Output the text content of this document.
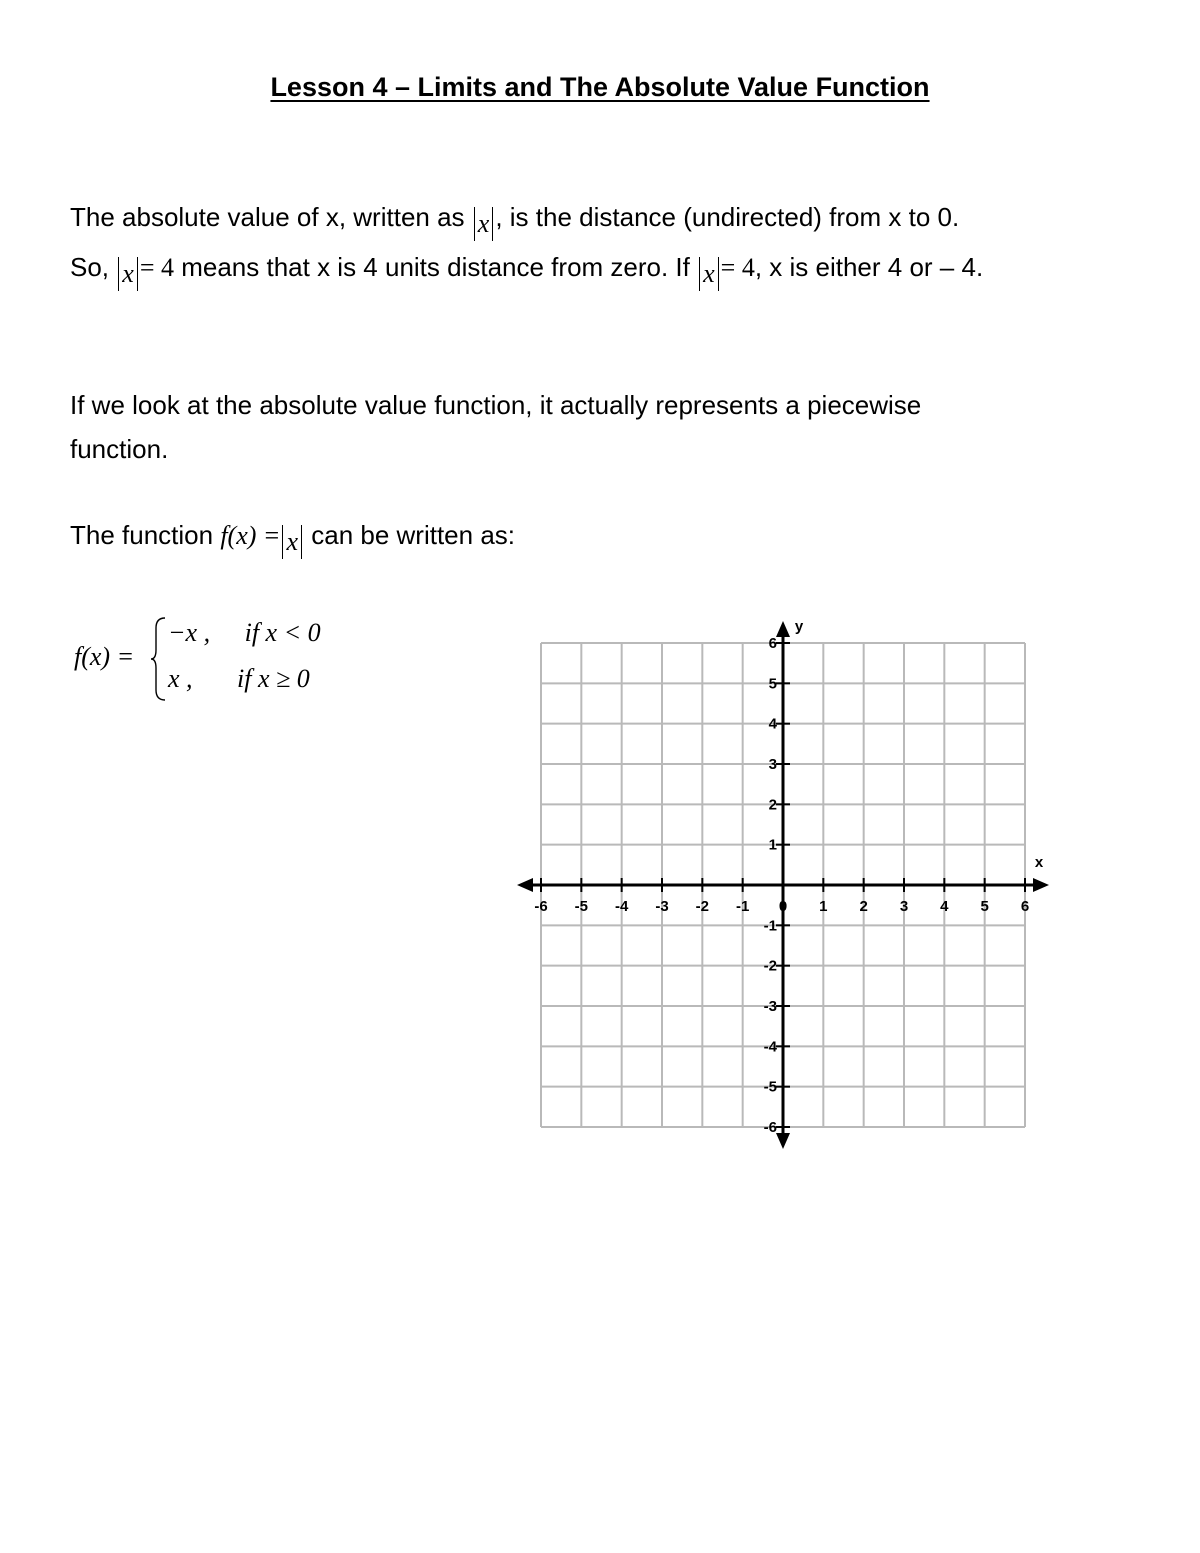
Lesson 4 – Limits and The Absolute Value Function

The absolute value of x, written as x , is the distance (undirected) from x to 0.

So, x = 4 means that x is 4 units distance from zero. If x = 4, x is either 4 or – 4.

If we look at the absolute value function, it actually represents a piecewise

function.

The function f(x) = x can be written as:

f(x) =
−x , if x < 0
x , if x ≥ 0
-6 -5 -4 -3 -2 -1 0 1 2 3 4 5 6
-6
-5
-4
-3
-2
-1
1
2
3
4
5
6
x
y
